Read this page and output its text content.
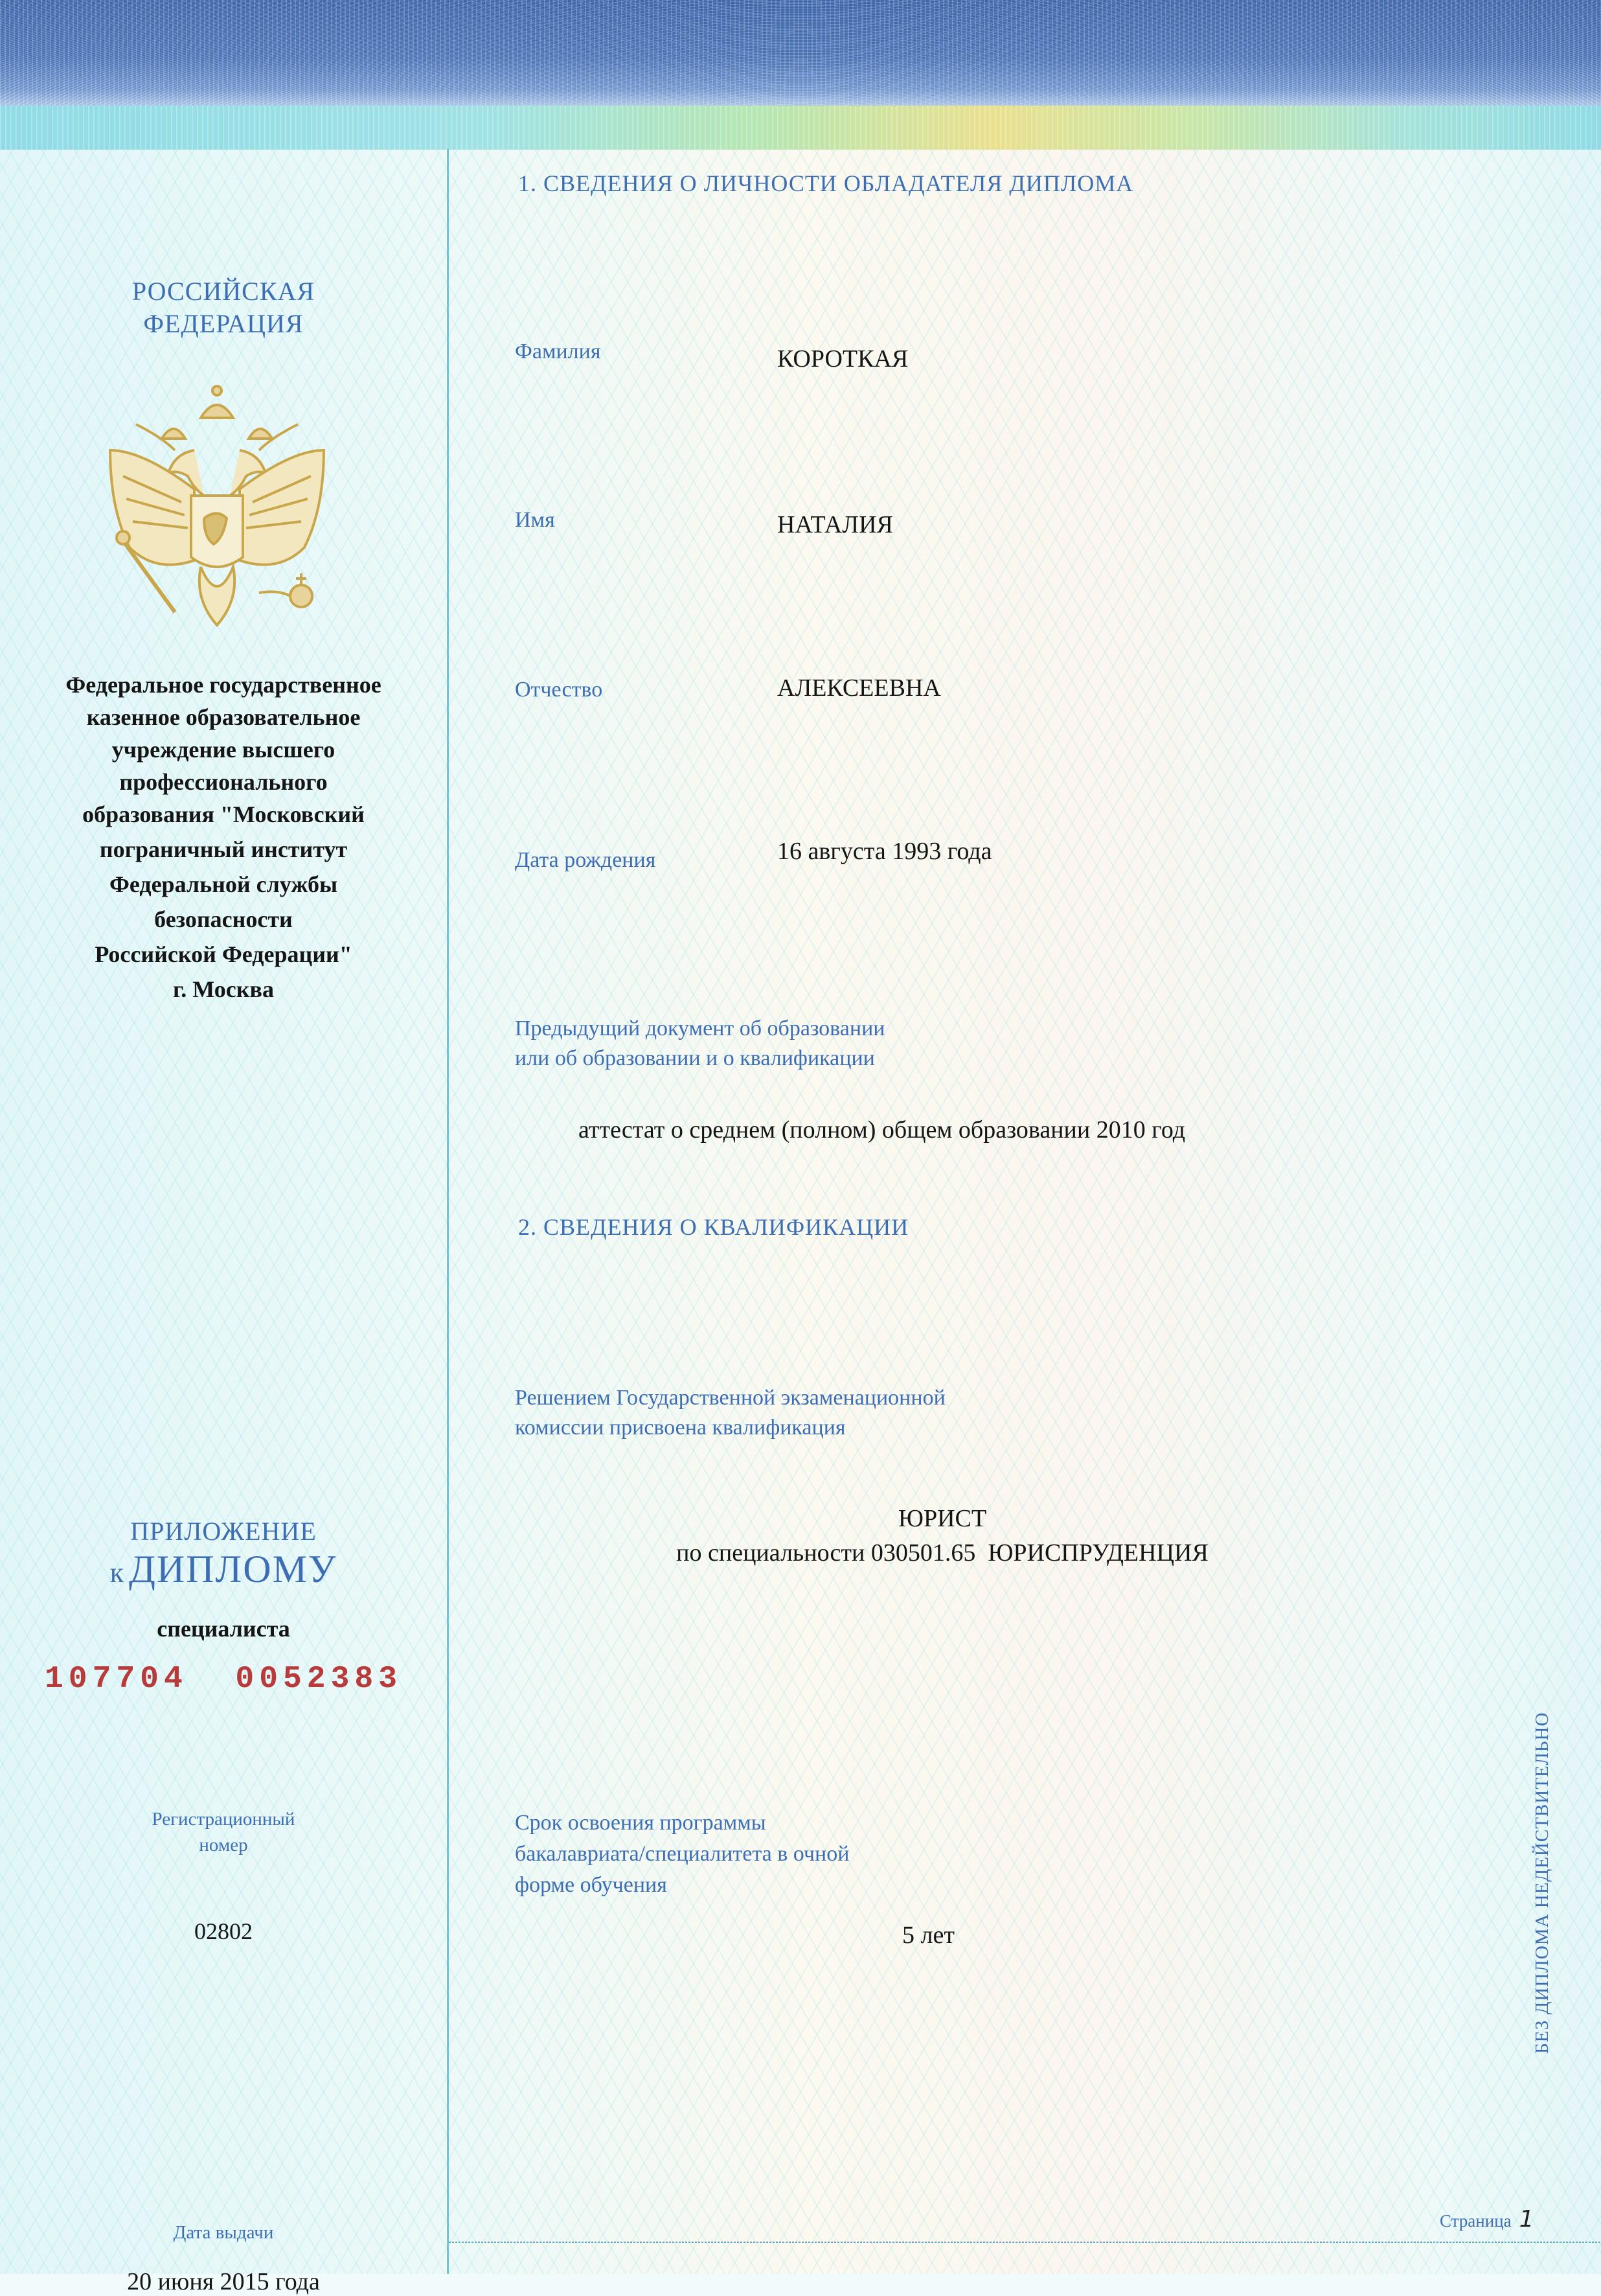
РОССИЙСКАЯ
ФЕДЕРАЦИЯ
Федеральное государственное
казенное образовательное
учреждение высшего
профессионального
образования "Московский
пограничный институт
Федеральной службы
безопасности
Российской Федерации"
г. Москва
ПРИЛОЖЕНИЕ
к ДИПЛОМУ
специалиста
107704  0052383
Регистрационный
номер
02802
Дата выдачи
20 июня 2015 года
1. СВЕДЕНИЯ О ЛИЧНОСТИ ОБЛАДАТЕЛЯ ДИПЛОМА
Фамилия	КОРОТКАЯ
Имя	НАТАЛИЯ
Отчество	АЛЕКСЕЕВНА
Дата рождения	16 августа 1993 года
Предыдущий документ об образовании
или об образовании и о квалификации
аттестат о среднем (полном) общем образовании 2010 год
2. СВЕДЕНИЯ О КВАЛИФИКАЦИИ
Решением Государственной экзаменационной
комиссии присвоена квалификация
ЮРИСТ
по специальности 030501.65  ЮРИСПРУДЕНЦИЯ
Срок освоения программы
бакалавриата/специалитета в очной
форме обучения
5 лет	БЕЗ ДИПЛОМА НЕДЕЙСТВИТЕЛЬНО
Страница 1
